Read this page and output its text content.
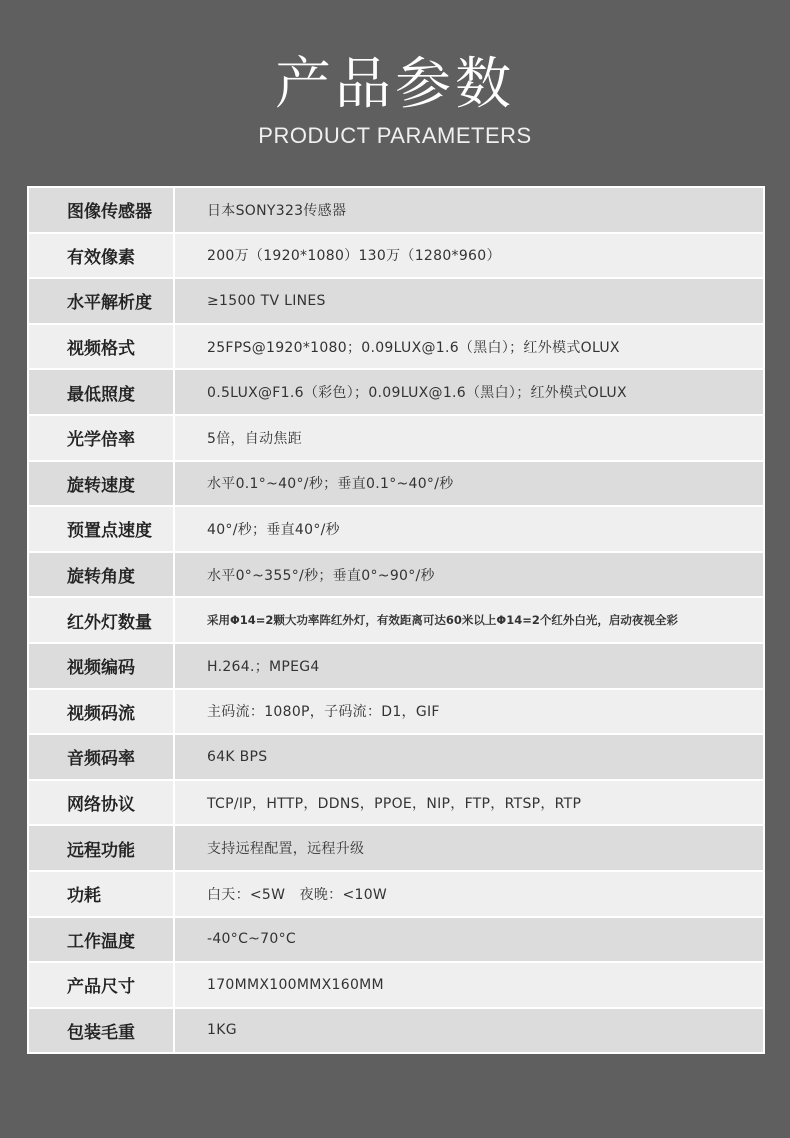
产品参数
PRODUCT PARAMETERS
图像传感器	日本SONY323传感器
有效像素	200万（1920*1080）130万（1280*960）
水平解析度	≥1500 TV LINES
视频格式	25FPS@1920*1080；0.09LUX@1.6（黑白）；红外模式OLUX
最低照度	0.5LUX@F1.6（彩色）；0.09LUX@1.6（黑白）；红外模式OLUX
光学倍率	5倍，自动焦距
旋转速度	水平0.1°~40°/秒；垂直0.1°~40°/秒
预置点速度	40°/秒；垂直40°/秒
旋转角度	水平0°~355°/秒；垂直0°~90°/秒
红外灯数量	采用Φ14=2颗大功率阵红外灯，有效距离可达60米以上Φ14=2个红外白光，启动夜视全彩
视频编码	H.264.；MPEG4
视频码流	主码流：1080P，子码流：D1，GIF
音频码率	64K BPS
网络协议	TCP/IP，HTTP，DDNS，PPOE，NIP，FTP，RTSP，RTP
远程功能	支持远程配置，远程升级
功耗	白天：<5W　夜晚：<10W
工作温度	-40°C~70°C
产品尺寸	170MMX100MMX160MM
包装毛重	1KG
